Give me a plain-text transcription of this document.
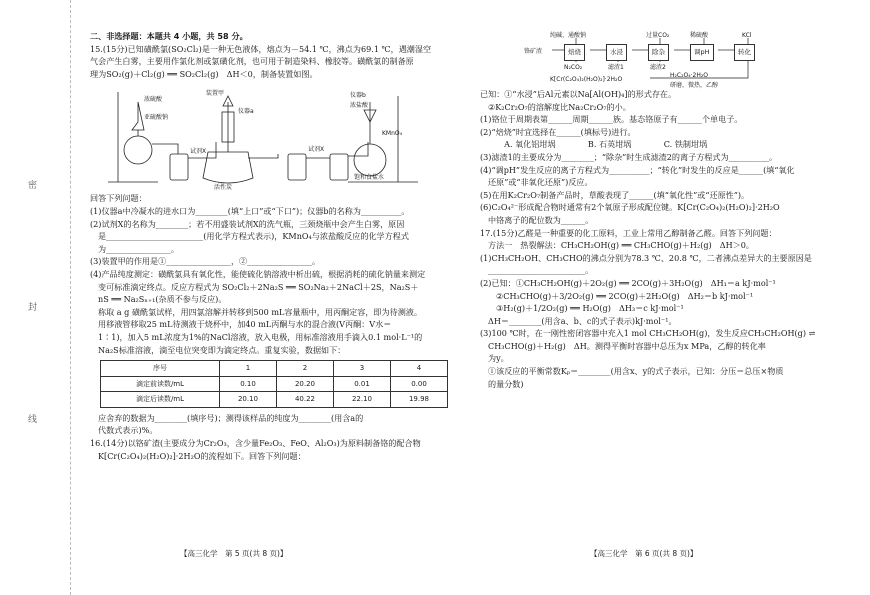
密
封
线

二、非选择题：本题共 4 小题，共 58 分。

15.(15分)已知磺酰氯(SO₂Cl₂)是一种无色液体，熔点为－54.1 ℃，沸点为69.1 ℃，遇潮湿空

气会产生白雾，主要用作氯化剂或氯磺化剂，也可用于制造染料、橡胶等。磺酰氯的制备原

理为SO₂(g)＋Cl₂(g) ══ SO₂Cl₂(g)　ΔH＜0，制备装置如图。

浓硫酸
亚硫酸钠
装置甲
仪器a
试剂X
活性炭
试剂X
仪器b
浓盐酸
KMnO₄
饱和食盐水

回答下列问题：

(1)仪器a中冷凝水的进水口为________(填“上口”或“下口”)；仪器b的名称为__________。

(2)试剂X的名称为________；若不用盛装试剂X的洗气瓶，三颈烧瓶中会产生白雾，原因

是________________________(用化学方程式表示)，KMnO₄与浓盐酸反应的化学方程式

为________________。

(3)装置甲的作用是①________________，②________________。

(4)产品纯度测定：磺酰氯具有氧化性，能使硫化钠溶液中析出硫，根据消耗的硫化钠量来测定

变可标准滴定终点。反应方程式为 SO₂Cl₂＋2Na₂S ══ SO₂Na₂＋2NaCl＋2S，Na₂S＋

nS ══ Na₂Sₙ₊₁(杂质不参与反应)。

称取 a g 磺酰氯试样，用四氯溶解并转移到500 mL容量瓶中，用丙酮定容，即为待测液。

用移液管移取25 mL待测液于烧杯中，加40 mL丙酮与水的混合液(V丙酮：V水＝

1∶1)，加入5 mL浓度为1%的NaCl溶液，放入电极，用标准溶液用手滴入0.1 mol·L⁻¹的

Na₂S标准溶液，滴至电位突变即为滴定终点。重复实验，数据如下：

序号	1	2	3	4
滴定前读数/mL	0.10	20.20	0.01	0.00
滴定后读数/mL	20.10	40.22	22.10	19.98

应舍弃的数据为________(填序号)；测得该样品的纯度为________(用含a的

代数式表示)%。

16.(14分)以铬矿渣(主要成分为Cr₂O₃，含少量Fe₂O₃、FeO、Al₂O₃)为原料制备铬的配合物

K[Cr(C₂O₄)₂(H₂O)₂]·2H₂O的流程如下。回答下列问题：

纯碱、通酸钠	过量CO₂	稀硫酸	KCl
铬矿渣	焙烧	水浸	除杂	调pH	转化
N₂CO₂	滤渣1	滤渣2
K[Cr(C₂O₄)₂(H₂O)₂]·2H₂O
H₂C₂O₄·2H₂O
研磨，微热，乙醇

已知：①“水浸”后Al元素以Na[Al(OH)₄]的形式存在。

②K₂Cr₂O₇的溶解度比Na₂Cr₂O₇的小。

(1)铬位于周期表第______周期______族。基态铬原子有______个单电子。

(2)“焙烧”时宜选择在______(填标号)进行。

　A. 氧化铝坩埚　　　　B. 石英坩埚　　　　C. 铁制坩埚

(3)滤渣1的主要成分为________；“除杂”时生成滤渣2的离子方程式为__________。

(4)“调pH”发生反应的离子方程式为__________；“转化”时发生的反应是______(填“氧化

还原”或“非氧化还原”)反应。

(5)在用K₂Cr₂O₇制备产品时，草酸表现了______(填“氧化性”或“还原性”)。

(6)C₂O₄²⁻形成配合物时通常有2个氧原子形成配位键。K[Cr(C₂O₄)₂(H₂O)₂]·2H₂O

中铬离子的配位数为______。

17.(15分)乙醛是一种重要的化工原料，工业上常用乙醇制备乙醛。回答下列问题：

方法一　热裂解法：CH₃CH₂OH(g) ══ CH₃CHO(g)＋H₂(g)　ΔH＞0。

(1)CH₃CH₂OH、CH₃CHO的沸点分别为78.3 ℃、20.8 ℃，二者沸点差异大的主要原因是

________________________。

(2)已知：①CH₃CH₂OH(g)＋2O₂(g) ══ 2CO(g)＋3H₂O(g)　ΔH₁＝a kJ·mol⁻¹

②CH₃CHO(g)＋3/2O₂(g) ══ 2CO(g)＋2H₂O(g)　ΔH₂＝b kJ·mol⁻¹

③H₂(g)＋1/2O₂(g) ══ H₂O(g)　ΔH₃＝c kJ·mol⁻¹

ΔH＝________(用含a、b、c的式子表示)kJ·mol⁻¹。

(3)100 ℃时，在一刚性密闭容器中充入1 mol CH₃CH₂OH(g)，发生反应CH₃CH₂OH(g) ⇌

CH₃CHO(g)＋H₂(g)　ΔH。测得平衡时容器中总压为x MPa，乙醇的转化率

为y。

①该反应的平衡常数Kₚ＝________(用含x、y的式子表示，已知：分压＝总压×物质

的量分数)

【高三化学　第 5 页(共 8 页)】	【高三化学　第 6 页(共 8 页)】
